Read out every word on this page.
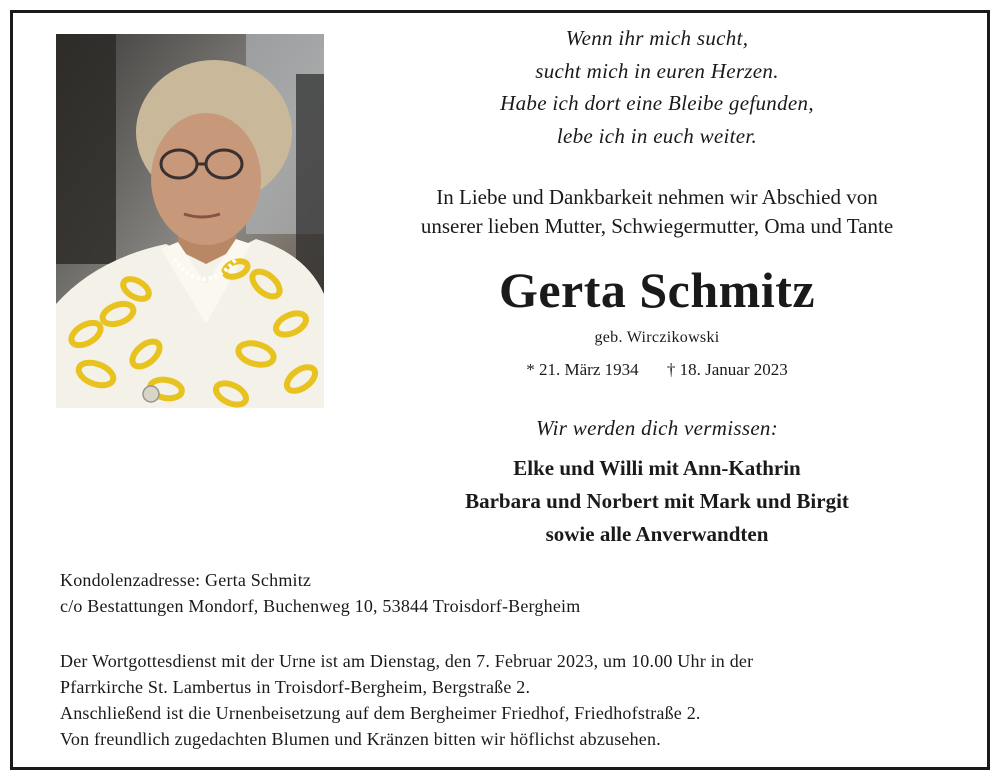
Wenn ihr mich sucht,
sucht mich in euren Herzen.
Habe ich dort eine Bleibe gefunden,
lebe ich in euch weiter.
In Liebe und Dankbarkeit nehmen wir Abschied von
unserer lieben Mutter, Schwiegermutter, Oma und Tante
Gerta Schmitz
geb. Wirczikowski
* 21. März 1934 † 18. Januar 2023
Wir werden dich vermissen:
Elke und Willi mit Ann-Kathrin
Barbara und Norbert mit Mark und Birgit
sowie alle Anverwandten
Kondolenzadresse: Gerta Schmitz
c/o Bestattungen Mondorf, Buchenweg 10, 53844 Troisdorf-Bergheim
Der Wortgottesdienst mit der Urne ist am Dienstag, den 7. Februar 2023, um 10.00 Uhr in der
Pfarrkirche St. Lambertus in Troisdorf-Bergheim, Bergstraße 2.
Anschließend ist die Urnenbeisetzung auf dem Bergheimer Friedhof, Friedhofstraße 2.
Von freundlich zugedachten Blumen und Kränzen bitten wir höflichst abzusehen.
